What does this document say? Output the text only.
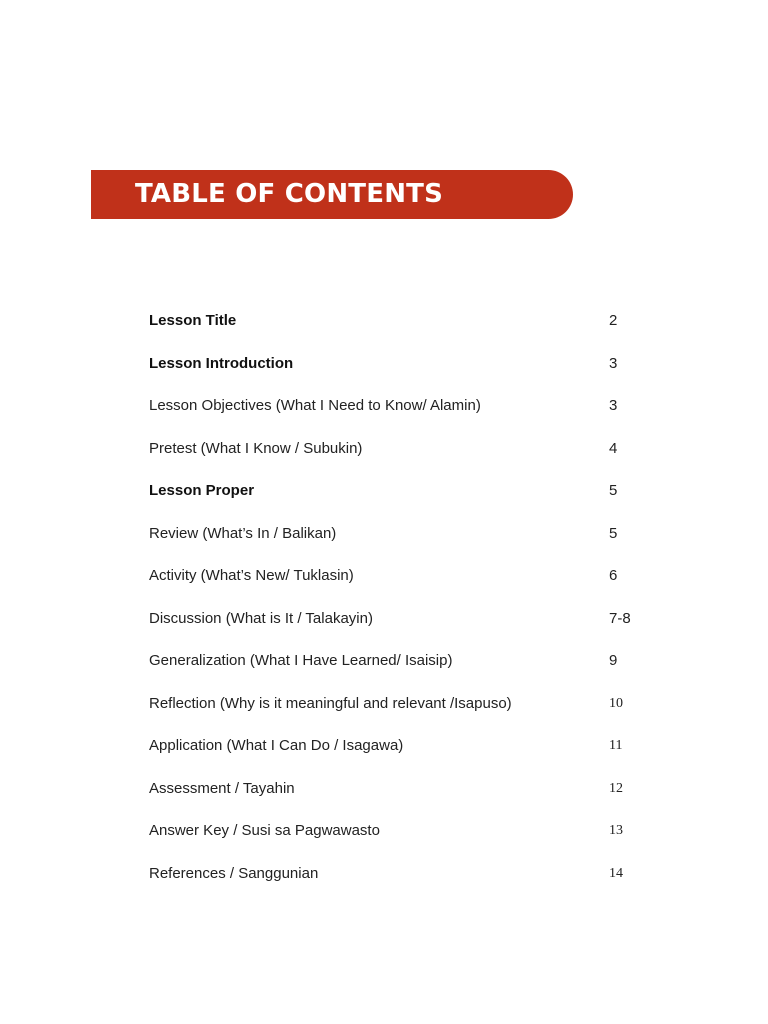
TABLE OF CONTENTS
Lesson Title	2
Lesson Introduction	3
Lesson Objectives (What I Need to Know/ Alamin)	3
Pretest (What I Know / Subukin)	4
Lesson Proper	5
Review (What’s In / Balikan)	5
Activity (What’s New/ Tuklasin)	6
Discussion (What is It / Talakayin)	7-8
Generalization (What I Have Learned/ Isaisip)	9
Reflection (Why is it meaningful and relevant /Isapuso)	10
Application (What I Can Do / Isagawa)	11
Assessment / Tayahin	12
Answer Key / Susi sa Pagwawasto	13
References / Sanggunian	14
